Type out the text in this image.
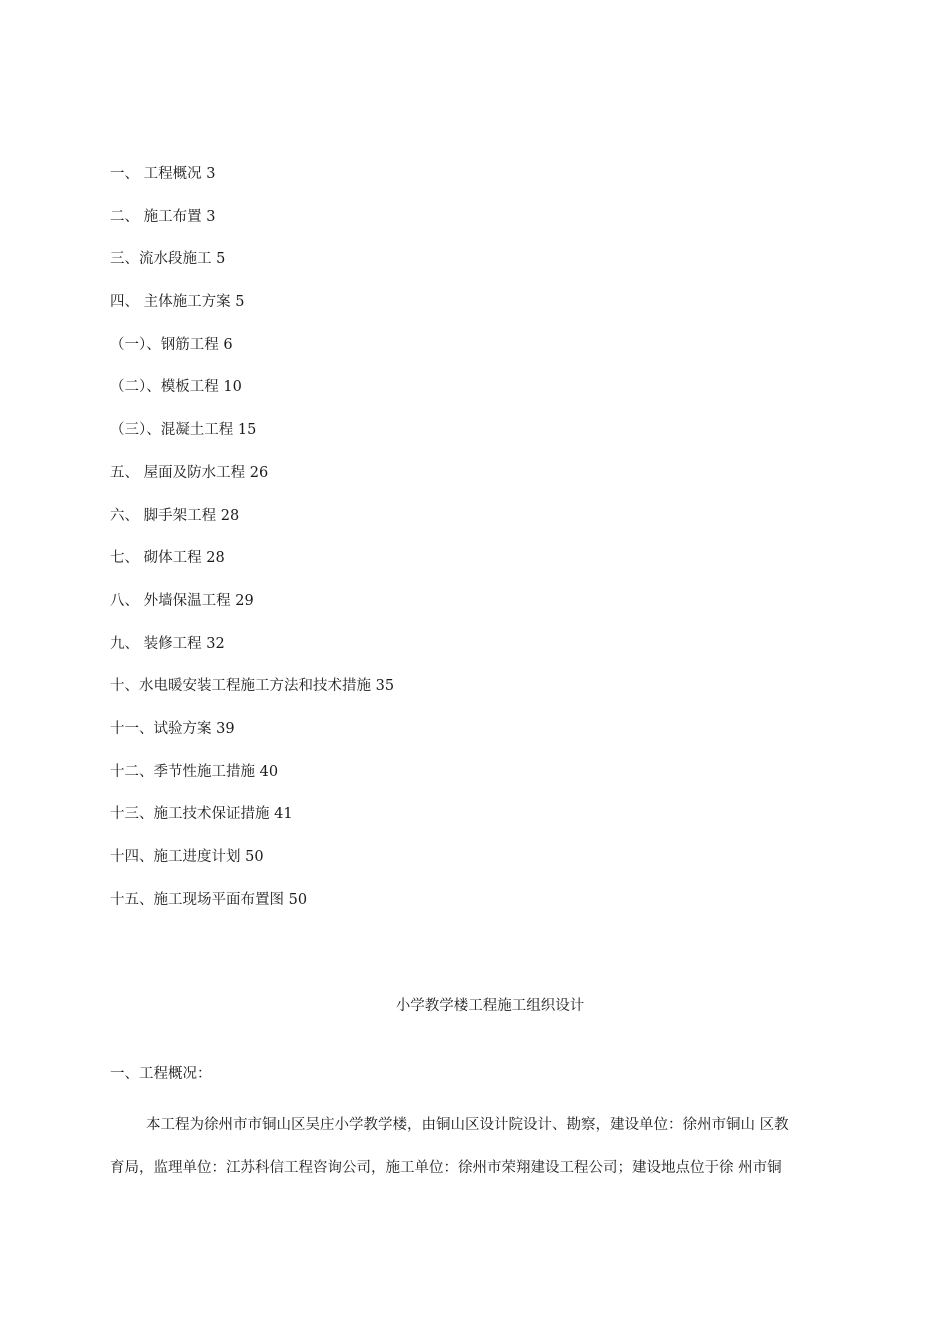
一、 工程概况 3
二、 施工布置 3
三、流水段施工 5
四、 主体施工方案 5
（一）、钢筋工程 6
（二）、模板工程 10
（三）、混凝土工程 15
五、 屋面及防水工程 26
六、 脚手架工程 28
七、 砌体工程 28
八、 外墙保温工程 29
九、 装修工程 32
十、水电暖安装工程施工方法和技术措施 35
十一、试验方案 39
十二、季节性施工措施 40
十三、施工技术保证措施 41
十四、施工进度计划 50
十五、施工现场平面布置图 50
小学教学楼工程施工组织设计
一、工程概况：
本工程为徐州市市铜山区吴庄小学教学楼，由铜山区设计院设计、勘察，建设单位：徐州市铜山 区教
育局，监理单位：江苏科信工程咨询公司，施工单位：徐州市荣翔建设工程公司；建设地点位于徐 州市铜
